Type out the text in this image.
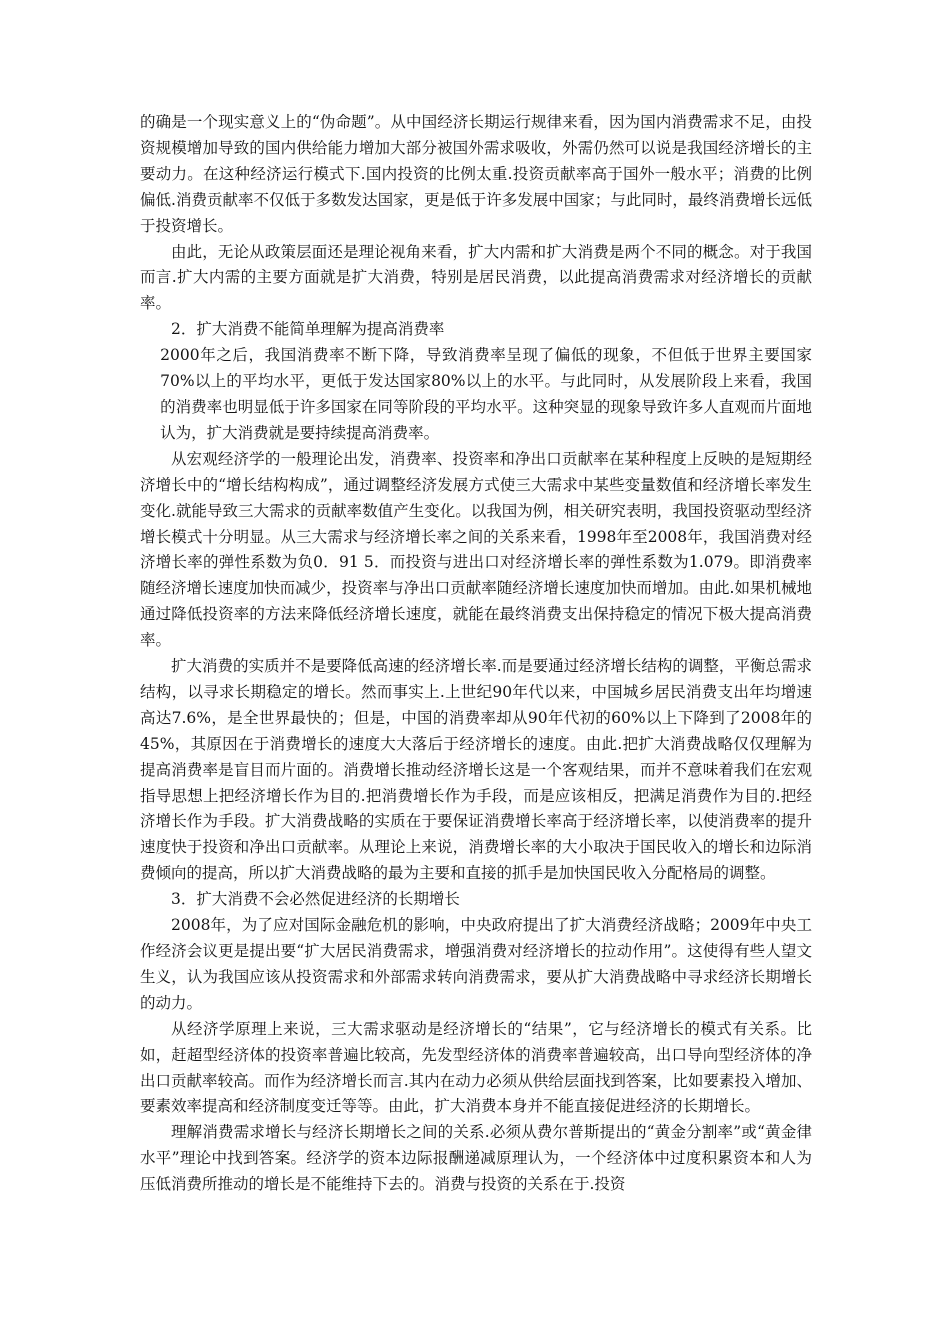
的确是一个现实意义上的“伪命题”。从中国经济长期运行规律来看，因为国内消费需求不足，由投资规模增加导致的国内供给能力增加大部分被国外需求吸收，外需仍然可以说是我国经济增长的主要动力。在这种经济运行模式下.国内投资的比例太重.投资贡献率高于国外一般水平；消费的比例偏低.消费贡献率不仅低于多数发达国家，更是低于许多发展中国家；与此同时，最终消费增长远低于投资增长。

由此，无论从政策层面还是理论视角来看，扩大内需和扩大消费是两个不同的概念。对于我国而言.扩大内需的主要方面就是扩大消费，特别是居民消费，以此提高消费需求对经济增长的贡献率。

2．扩大消费不能简单理解为提高消费率

2000年之后，我国消费率不断下降，导致消费率呈现了偏低的现象，不但低于世界主要国家70%以上的平均水平，更低于发达国家80%以上的水平。与此同时，从发展阶段上来看，我国的消费率也明显低于许多国家在同等阶段的平均水平。这种突显的现象导致许多人直观而片面地认为，扩大消费就是要持续提高消费率。

从宏观经济学的一般理论出发，消费率、投资率和净出口贡献率在某种程度上反映的是短期经济增长中的“增长结构构成”，通过调整经济发展方式使三大需求中某些变量数值和经济增长率发生变化.就能导致三大需求的贡献率数值产生变化。以我国为例，相关研究表明，我国投资驱动型经济增长模式十分明显。从三大需求与经济增长率之间的关系来看，1998年至2008年，我国消费对经济增长率的弹性系数为负0．91 5．而投资与进出口对经济增长率的弹性系数为1.079。即消费率随经济增长速度加快而减少，投资率与净出口贡献率随经济增长速度加快而增加。由此.如果机械地通过降低投资率的方法来降低经济增长速度，就能在最终消费支出保持稳定的情况下极大提高消费率。

扩大消费的实质并不是要降低高速的经济增长率.而是要通过经济增长结构的调整，平衡总需求结构，以寻求长期稳定的增长。然而事实上.上世纪90年代以来，中国城乡居民消费支出年均增速高达7.6%，是全世界最快的；但是，中国的消费率却从90年代初的60%以上下降到了2008年的45%，其原因在于消费增长的速度大大落后于经济增长的速度。由此.把扩大消费战略仅仅理解为提高消费率是盲目而片面的。消费增长推动经济增长这是一个客观结果，而并不意味着我们在宏观指导思想上把经济增长作为目的.把消费增长作为手段，而是应该相反，把满足消费作为目的.把经济增长作为手段。扩大消费战略的实质在于要保证消费增长率高于经济增长率，以使消费率的提升速度快于投资和净出口贡献率。从理论上来说，消费增长率的大小取决于国民收入的增长和边际消费倾向的提高，所以扩大消费战略的最为主要和直接的抓手是加快国民收入分配格局的调整。

3．扩大消费不会必然促进经济的长期增长

2008年，为了应对国际金融危机的影响，中央政府提出了扩大消费经济战略；2009年中央工作经济会议更是提出要“扩大居民消费需求，增强消费对经济增长的拉动作用”。这使得有些人望文生义，认为我国应该从投资需求和外部需求转向消费需求，要从扩大消费战略中寻求经济长期增长的动力。

从经济学原理上来说，三大需求驱动是经济增长的“结果”，它与经济增长的模式有关系。比如，赶超型经济体的投资率普遍比较高，先发型经济体的消费率普遍较高，出口导向型经济体的净出口贡献率较高。而作为经济增长而言.其内在动力必须从供给层面找到答案，比如要素投入增加、要素效率提高和经济制度变迁等等。由此，扩大消费本身并不能直接促进经济的长期增长。

理解消费需求增长与经济长期增长之间的关系.必须从费尔普斯提出的“黄金分割率”或“黄金律水平”理论中找到答案。经济学的资本边际报酬递减原理认为，一个经济体中过度积累资本和人为压低消费所推动的增长是不能维持下去的。消费与投资的关系在于.投资
